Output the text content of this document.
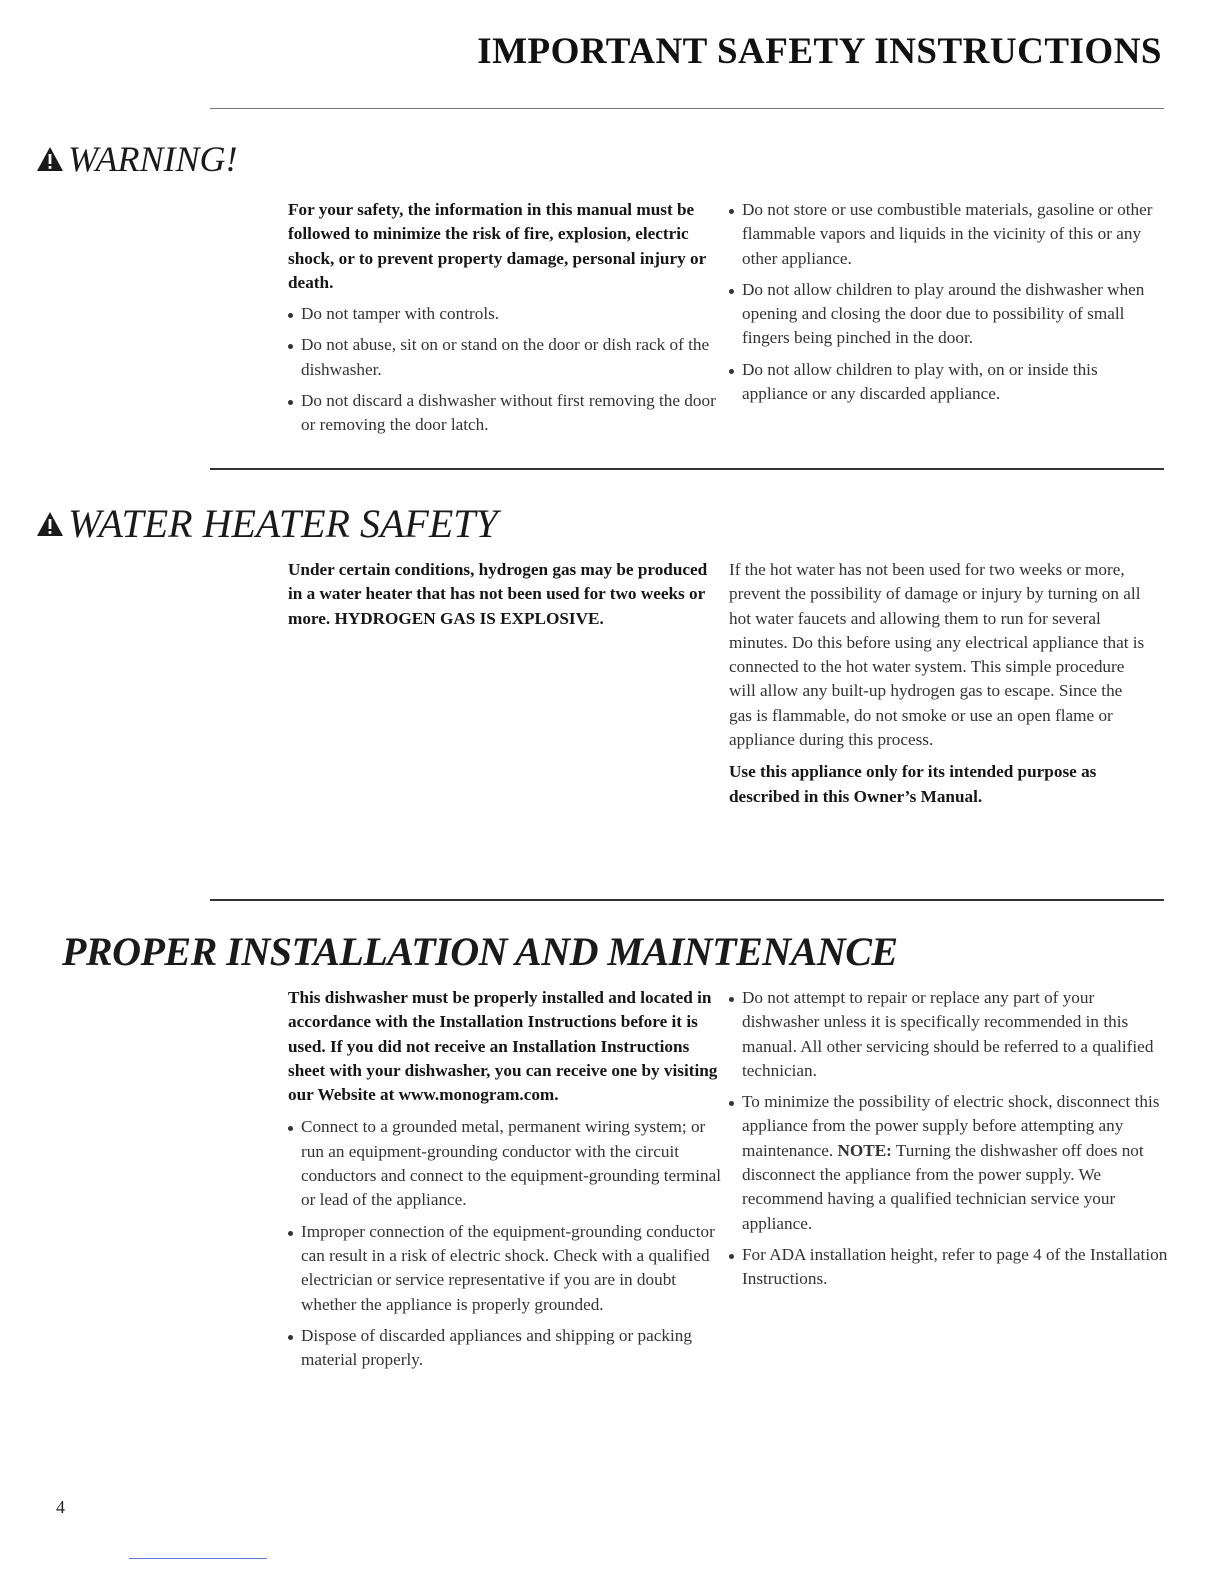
IMPORTANT SAFETY INSTRUCTIONS
WARNING!

For your safety, the information in this manual must be followed to minimize the risk of fire, explosion, electric shock, or to prevent property damage, personal injury or death.

Do not tamper with controls.
Do not abuse, sit on or stand on the door or dish rack of the dishwasher.
Do not discard a dishwasher without first removing the door or removing the door latch.
Do not store or use combustible materials, gasoline or other flammable vapors and liquids in the vicinity of this or any other appliance.
Do not allow children to play around the dishwasher when opening and closing the door due to possibility of small fingers being pinched in the door.
Do not allow children to play with, on or inside this appliance or any discarded appliance.
WATER HEATER SAFETY

Under certain conditions, hydrogen gas may be produced in a water heater that has not been used for two weeks or more. HYDROGEN GAS IS EXPLOSIVE.

If the hot water has not been used for two weeks or more, prevent the possibility of damage or injury by turning on all hot water faucets and allowing them to run for several minutes. Do this before using any electrical appliance that is connected to the hot water system. This simple procedure will allow any built-up hydrogen gas to escape. Since the gas is flammable, do not smoke or use an open flame or appliance during this process.

Use this appliance only for its intended purpose as described in this Owner’s Manual.

PROPER INSTALLATION AND MAINTENANCE

This dishwasher must be properly installed and located in accordance with the Installation Instructions before it is used. If you did not receive an Installation Instructions sheet with your dishwasher, you can receive one by visiting our Website at www.monogram.com.

Connect to a grounded metal, permanent wiring system; or run an equipment-grounding conductor with the circuit conductors and connect to the equipment-grounding terminal or lead of the appliance.
Improper connection of the equipment-grounding conductor can result in a risk of electric shock. Check with a qualified electrician or service representative if you are in doubt whether the appliance is properly grounded.
Dispose of discarded appliances and shipping or packing material properly.
Do not attempt to repair or replace any part of your dishwasher unless it is specifically recommended in this manual. All other servicing should be referred to a qualified technician.
To minimize the possibility of electric shock, disconnect this appliance from the power supply before attempting any maintenance. NOTE: Turning the dishwasher off does not disconnect the appliance from the power supply. We recommend having a qualified technician service your appliance.
For ADA installation height, refer to page 4 of the Installation Instructions.
4
